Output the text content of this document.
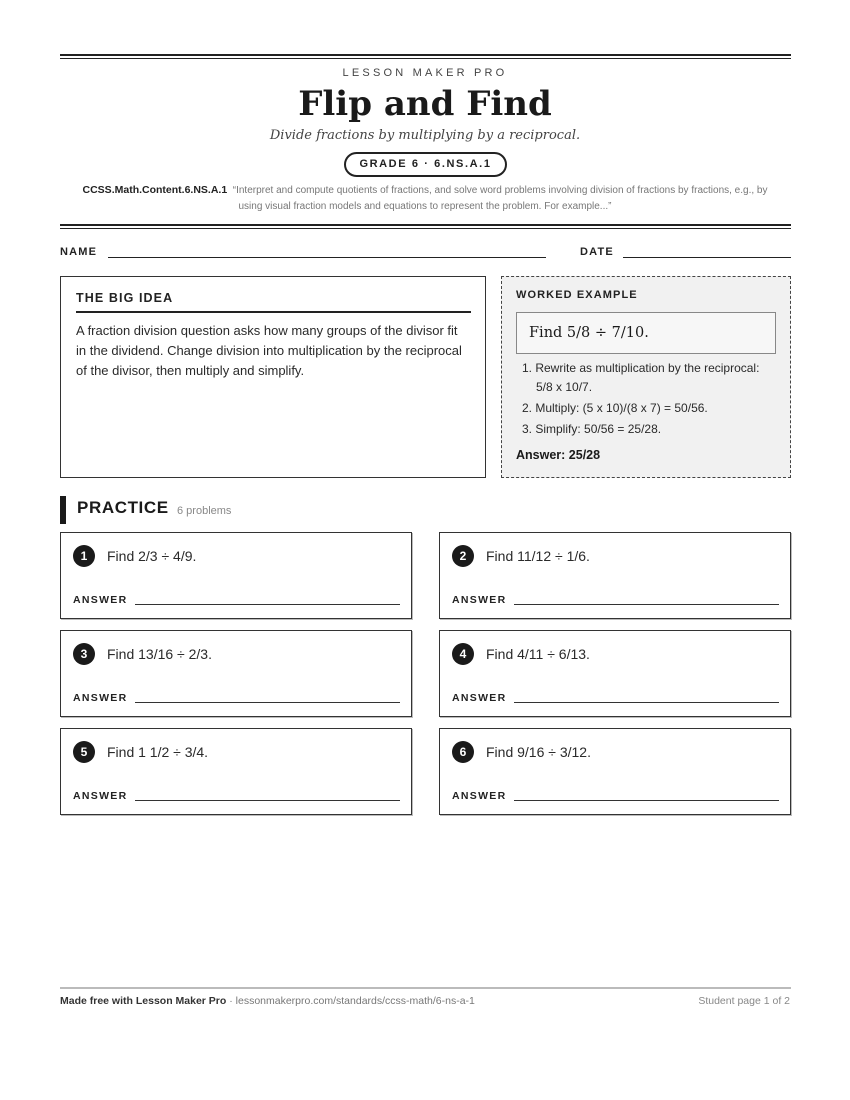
LESSON MAKER PRO
Flip and Find
Divide fractions by multiplying by a reciprocal.
GRADE 6 · 6.NS.A.1
CCSS.Math.Content.6.NS.A.1 “Interpret and compute quotients of fractions, and solve word problems involving division of fractions by fractions, e.g., by using visual fraction models and equations to represent the problem. For example...”
NAME	DATE
THE BIG IDEA
A fraction division question asks how many groups of the divisor fit in the dividend. Change division into multiplication by the reciprocal of the divisor, then multiply and simplify.
WORKED EXAMPLE
Find 5/8 ÷ 7/10.
1. Rewrite as multiplication by the reciprocal: 5/8 x 10/7.
2. Multiply: (5 x 10)/(8 x 7) = 50/56.
3. Simplify: 50/56 = 25/28.
Answer: 25/28
PRACTICE 6 problems
1	Find 2/3 ÷ 4/9.
ANSWER
2	Find 11/12 ÷ 1/6.
ANSWER
3	Find 13/16 ÷ 2/3.
ANSWER
4	Find 4/11 ÷ 6/13.
ANSWER
5	Find 1 1/2 ÷ 3/4.
ANSWER
6	Find 9/16 ÷ 3/12.
ANSWER
Made free with Lesson Maker Pro · lessonmakerpro.com/standards/ccss-math/6-ns-a-1	Student page 1 of 2
